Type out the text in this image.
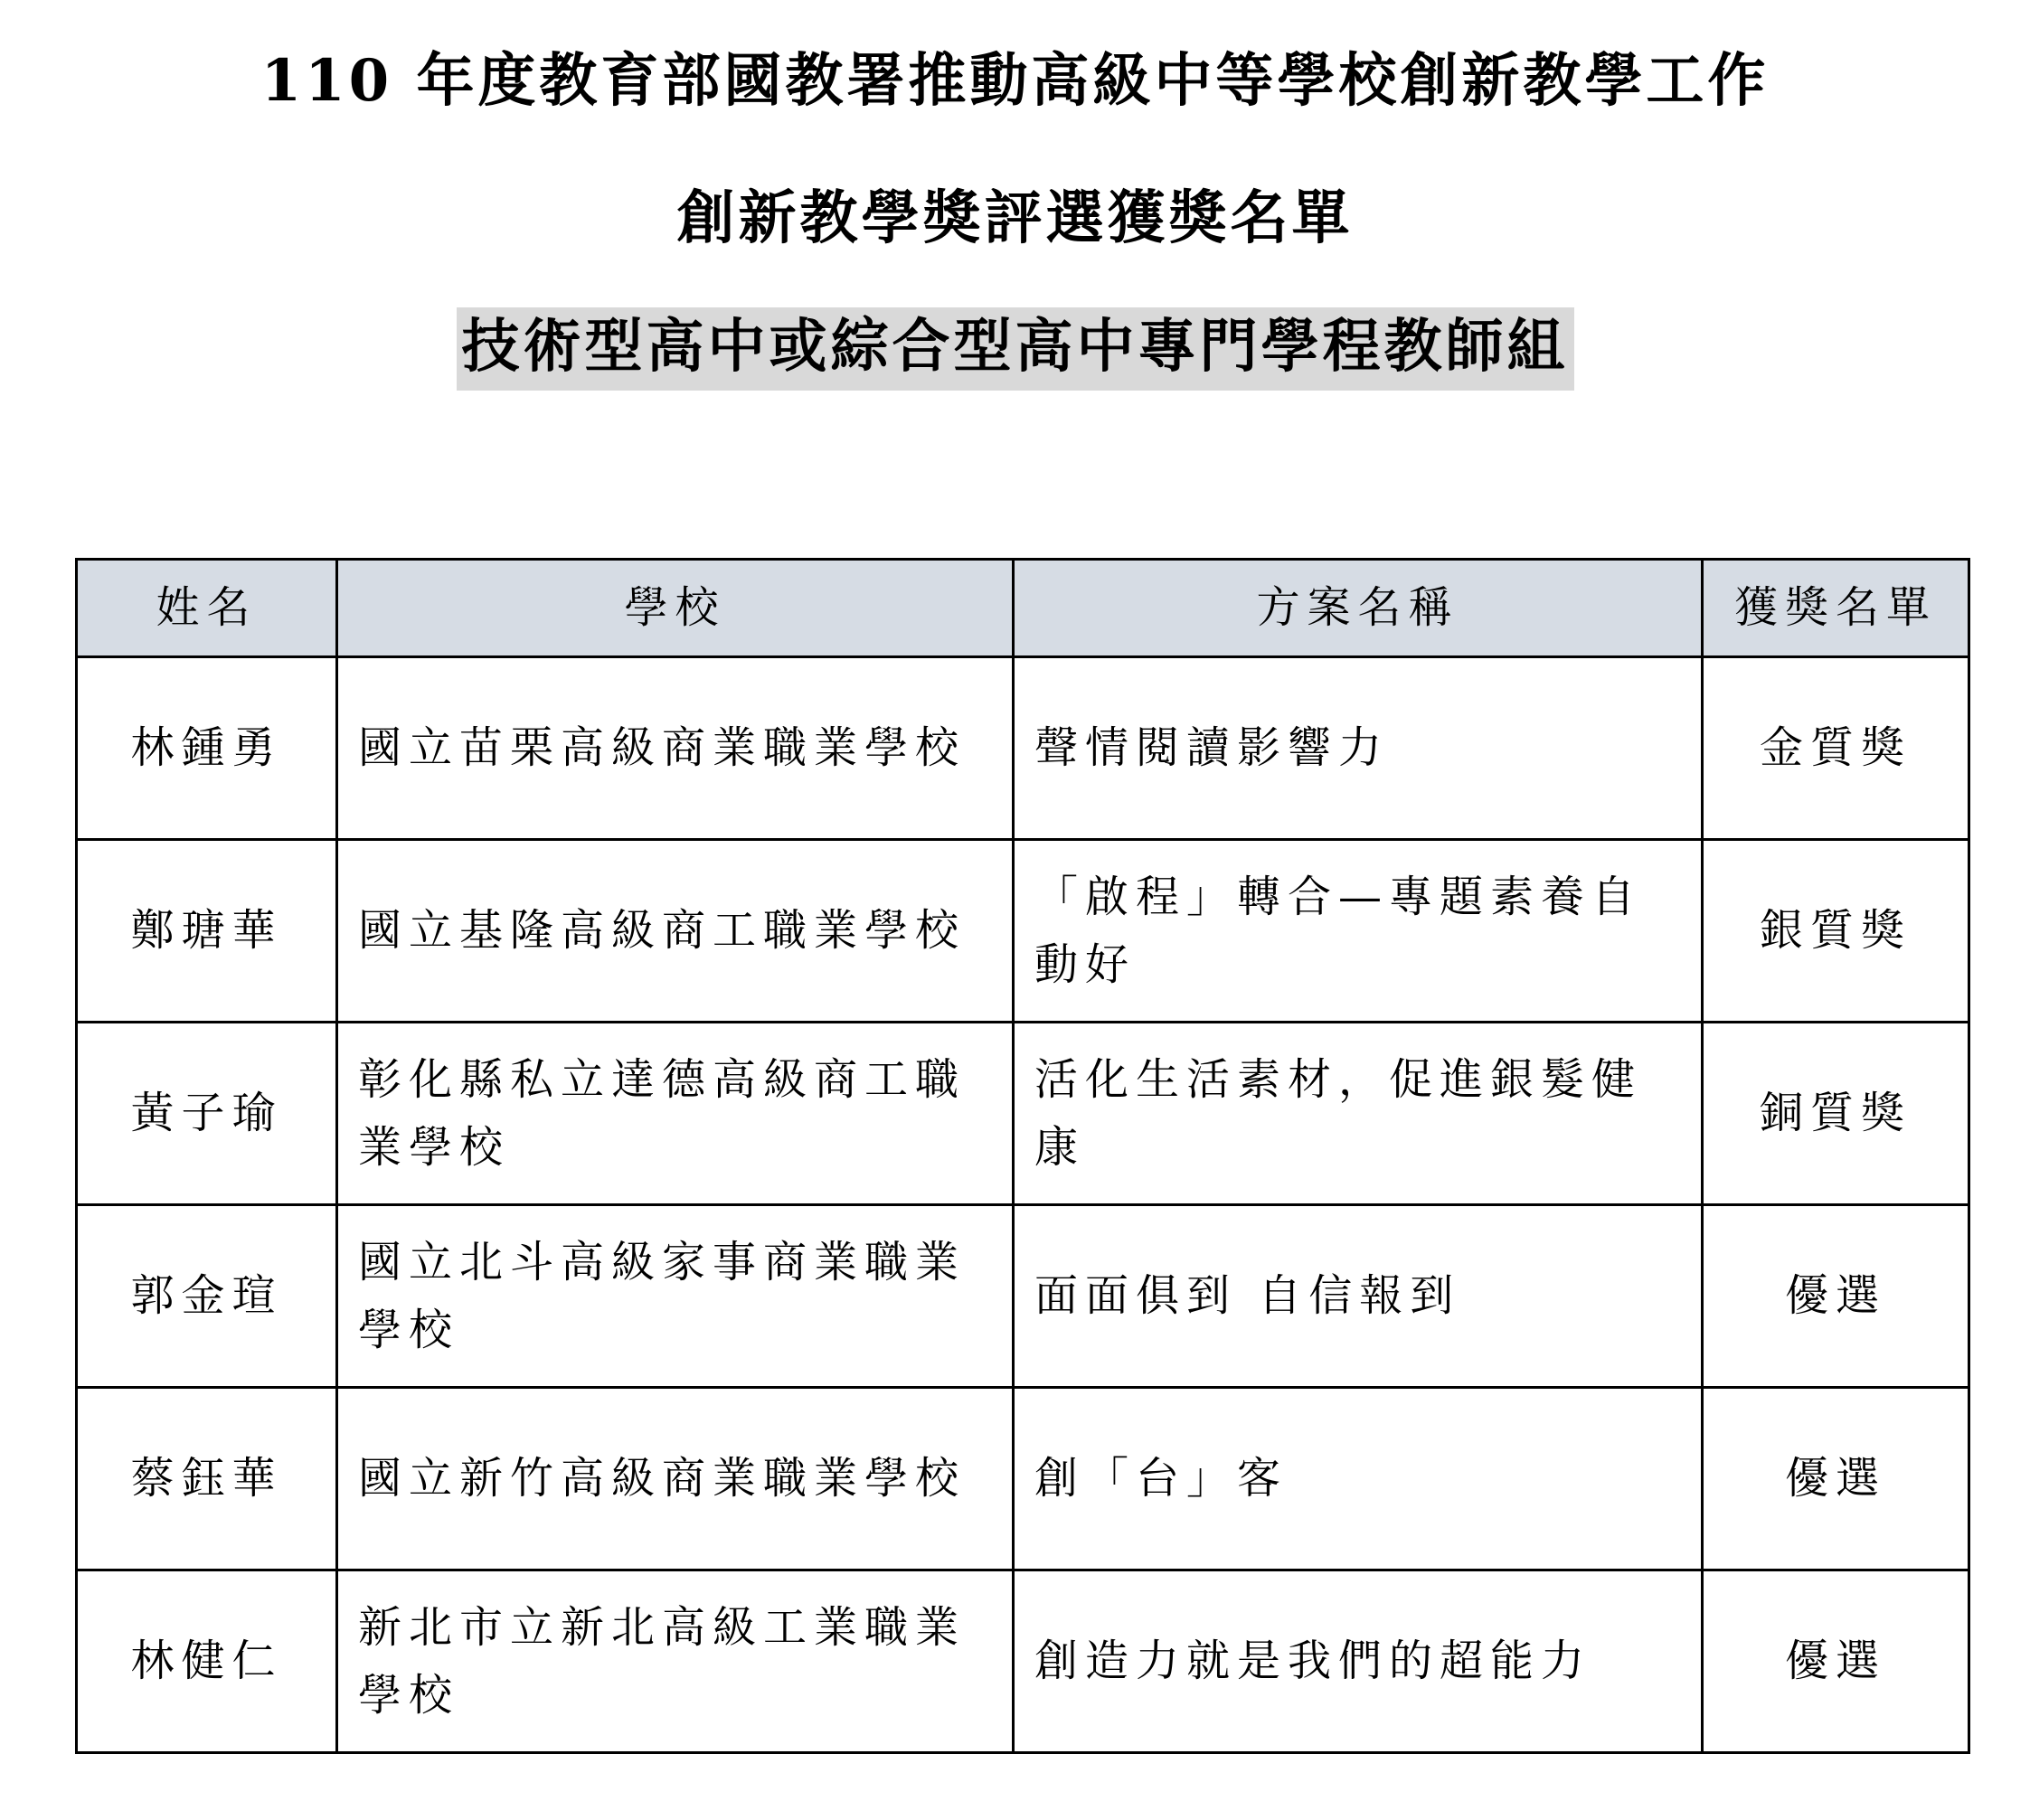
110 年度教育部國教署推動高級中等學校創新教學工作
創新教學獎評選獲獎名單
技術型高中或綜合型高中專門學程教師組
姓名	學校	方案名稱	獲獎名單
林鍾勇	國立苗栗高級商業職業學校	聲情閱讀影響力	金質獎
鄭瑭華	國立基隆高級商工職業學校	「啟程」轉合—專題素養自動好	銀質獎
黃子瑜	彰化縣私立達德高級商工職業學校	活化生活素材，促進銀髮健康	銅質獎
郭金瑄	國立北斗高級家事商業職業學校	面面俱到 自信報到	優選
蔡鈺華	國立新竹高級商業職業學校	創「台」客	優選
林健仁	新北市立新北高級工業職業學校	創造力就是我們的超能力	優選
